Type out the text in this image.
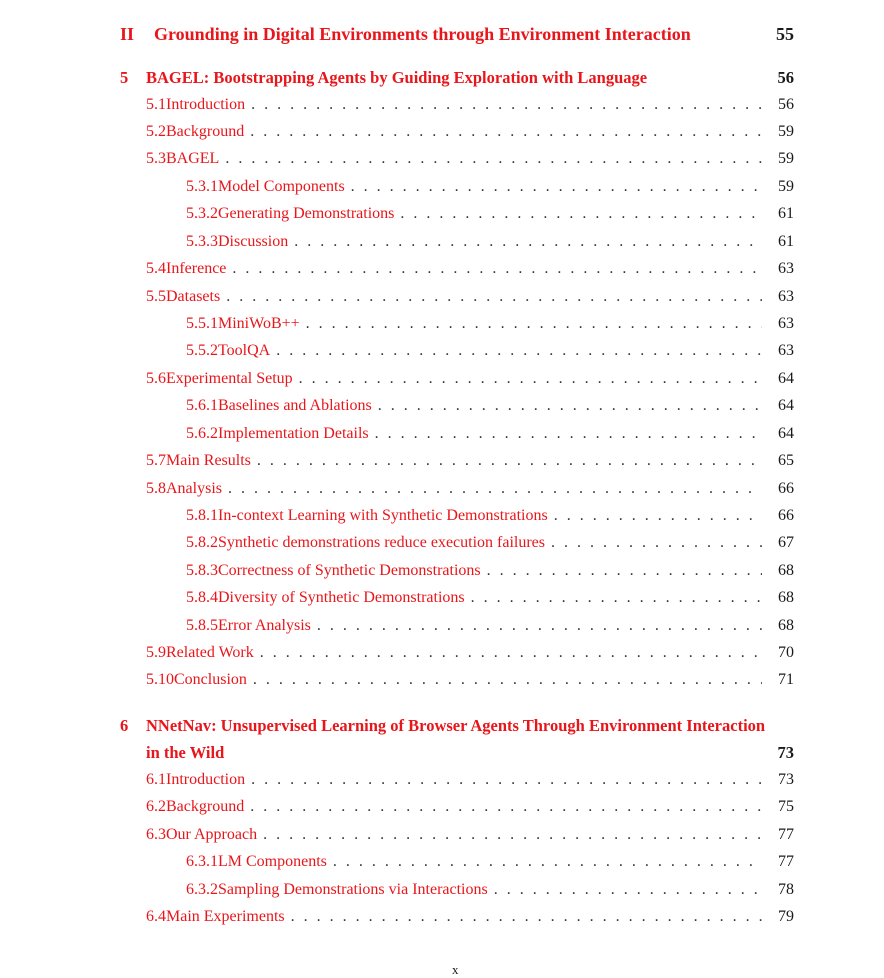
II	Grounding in Digital Environments through Environment Interaction	55
5	BAGEL: Bootstrapping Agents by Guiding Exploration with Language	56
5.1 Introduction . . .	56
5.2 Background . . .	59
5.3 BAGEL . . .	59
5.3.1 Model Components . . .	59
5.3.2 Generating Demonstrations . . .	61
5.3.3 Discussion . . .	61
5.4 Inference . . .	63
5.5 Datasets . . .	63
5.5.1 MiniWoB++ . . .	63
5.5.2 ToolQA . . .	63
5.6 Experimental Setup . . .	64
5.6.1 Baselines and Ablations . . .	64
5.6.2 Implementation Details . . .	64
5.7 Main Results . . .	65
5.8 Analysis . . .	66
5.8.1 In-context Learning with Synthetic Demonstrations . . .	66
5.8.2 Synthetic demonstrations reduce execution failures . . .	67
5.8.3 Correctness of Synthetic Demonstrations . . .	68
5.8.4 Diversity of Synthetic Demonstrations . . .	68
5.8.5 Error Analysis . . .	68
5.9 Related Work . . .	70
5.10 Conclusion . . .	71
6	NNetNav: Unsupervised Learning of Browser Agents Through Environment Interaction
in the Wild	73
6.1 Introduction . . .	73
6.2 Background . . .	75
6.3 Our Approach . . .	77
6.3.1 LM Components . . .	77
6.3.2 Sampling Demonstrations via Interactions . . .	78
6.4 Main Experiments . . .	79
x
